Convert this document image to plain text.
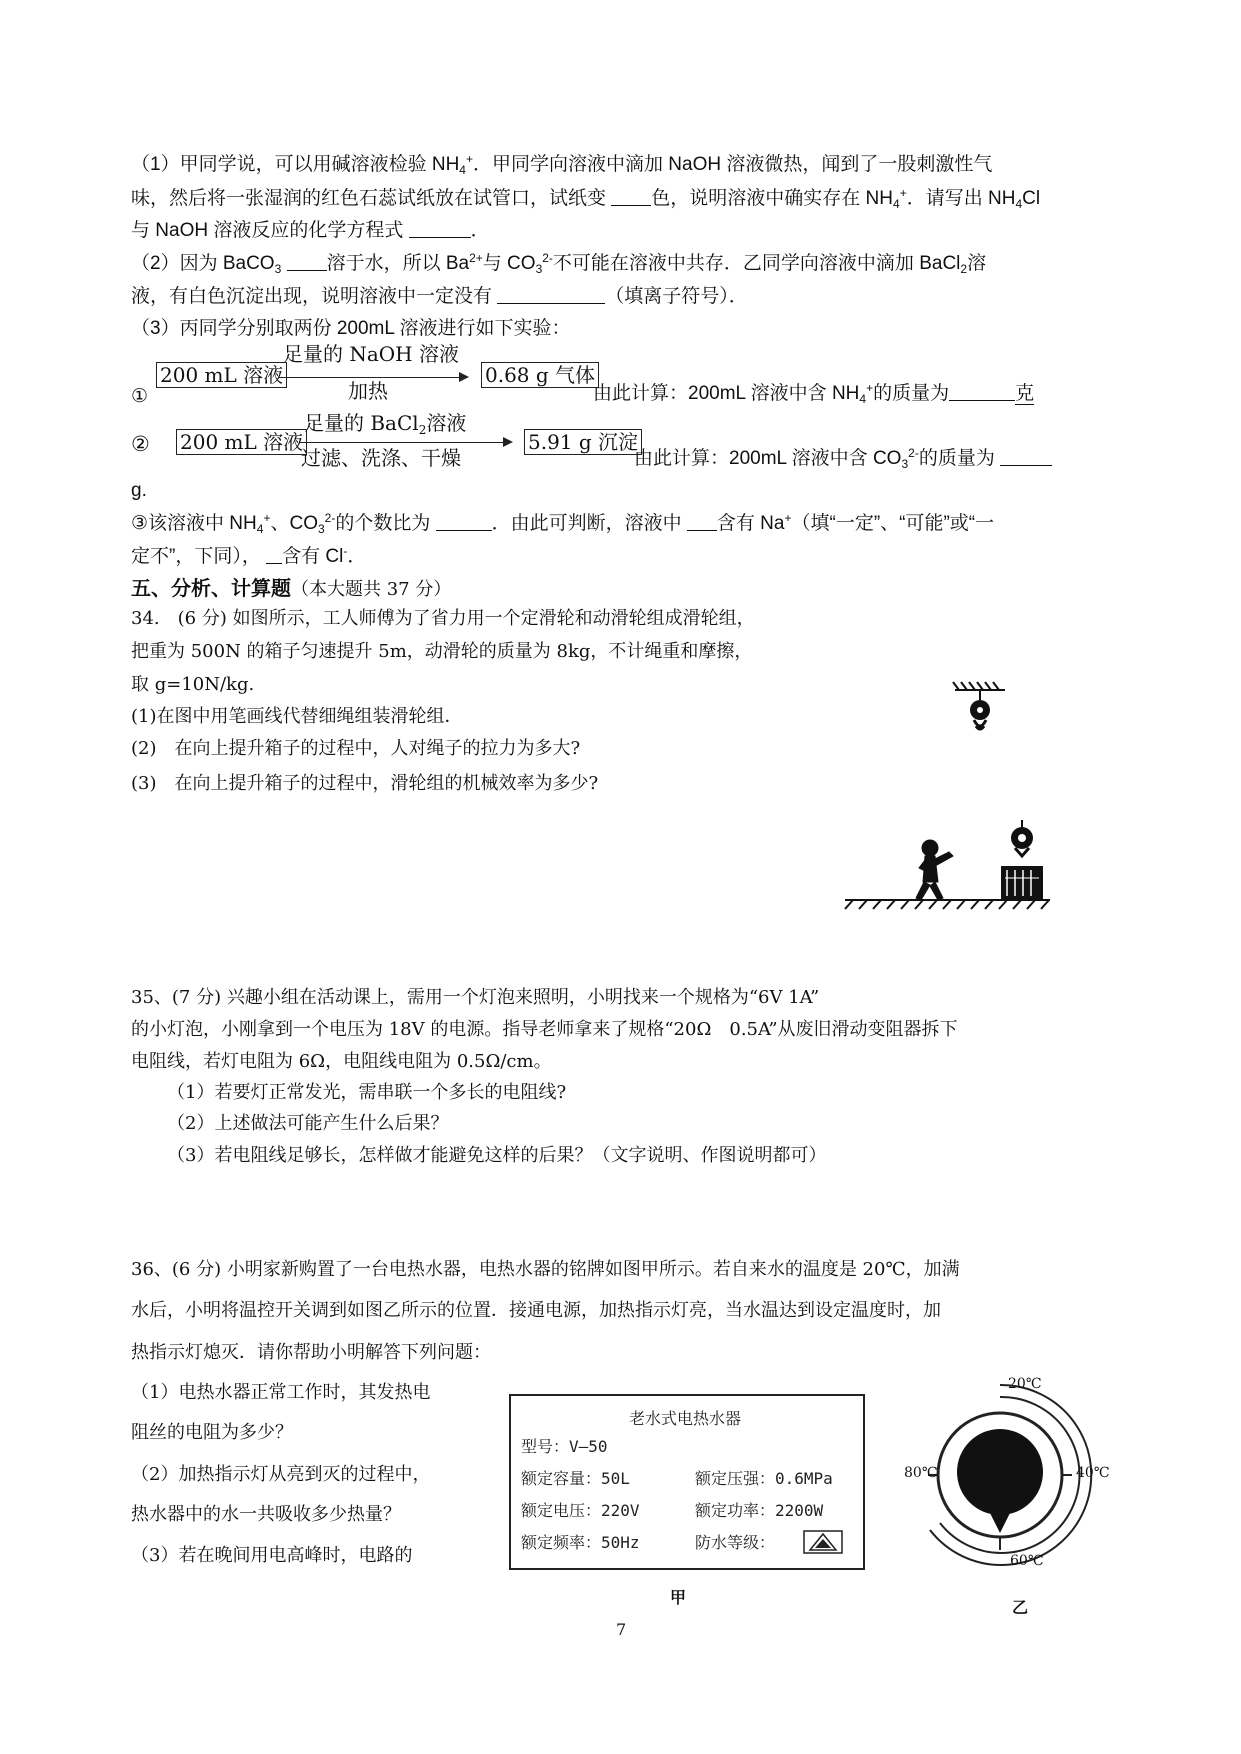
（1）甲同学说，可以用碱溶液检验 $NH_4^+$．甲同学向溶液中滴加 NaOH 溶液微热，闻到了一股刺激性气
味，然后将一张湿润的红色石蕊试纸放在试管口，试纸变 色，说明溶液中确实存在 $NH_4^+$．请写出 $NH_4Cl$
与 NaOH 溶液反应的化学方程式	．
（2）因为 BaCO$_3$ 溶于水，所以 $Ba^{2+}$与 $CO_3^{2-}$不可能在溶液中共存．乙同学向溶液中滴加 BaCl$_2$溶
液，有白色沉淀出现，说明溶液中一定没有	（填离子符号）．
（3）丙同学分别取两份 200mL 溶液进行如下实验：
①
200 mL 溶液
足量的 NaOH 溶液
加热
0.68 g 气体
由此计算：200mL 溶液中含 $NH_4^+$的质量为	克
② 200 mL 溶液
足量的 BaCl$_2$溶液
过滤、洗涤、干燥
5.91 g 沉淀
由此计算：200mL 溶液中含 $CO_3^{2-}$的质量为
g.
③该溶液中 $NH_4^+$、$CO_3^{2-}$的个数比为	．由此可判断，溶液中 含有 Na+（填“一定”、“可能”或“一
定不”，下同）， 含有 Cl-．
五、分析、计算题（本大题共 37 分）
34.　(6 分) 如图所示，工人师傅为了省力用一个定滑轮和动滑轮组成滑轮组，
把重为 500N 的箱子匀速提升 5m，动滑轮的质量为 8kg，不计绳重和摩擦，
取 g=10N/kg.
(1)在图中用笔画线代替细绳组装滑轮组．
(2)　在向上提升箱子的过程中，人对绳子的拉力为多大?
(3)　在向上提升箱子的过程中，滑轮组的机械效率为多少?
35、(7 分) 兴趣小组在活动课上，需用一个灯泡来照明，小明找来一个规格为“6V 1A”
的小灯泡，小刚拿到一个电压为 18V 的电源。指导老师拿来了规格“20Ω　0.5A”从废旧滑动变阻器拆下
电阻线，若灯电阻为 6Ω，电阻线电阻为 0.5Ω/cm。
（1）若要灯正常发光，需串联一个多长的电阻线?
（2）上述做法可能产生什么后果？
（3）若电阻线足够长，怎样做才能避免这样的后果？（文字说明、作图说明都可）
36、(6 分) 小明家新购置了一台电热水器，电热水器的铭牌如图甲所示。若自来水的温度是 20℃，加满
水后，小明将温控开关调到如图乙所示的位置．接通电源，加热指示灯亮，当水温达到设定温度时，加
热指示灯熄灭．请你帮助小明解答下列问题：
（1）电热水器正常工作时，其发热电
阻丝的电阻为多少？
（2）加热指示灯从亮到灭的过程中，
热水器中的水一共吸收多少热量？
（3）若在晚间用电高峰时，电路的
老水式电热水器
型号：V—50
额定容量：50L	额定压强：0.6MPa
额定电压：220V	额定功率：2200W
额定频率：50Hz	防水等级：
甲
20℃
40℃
60℃
80℃
乙
7
